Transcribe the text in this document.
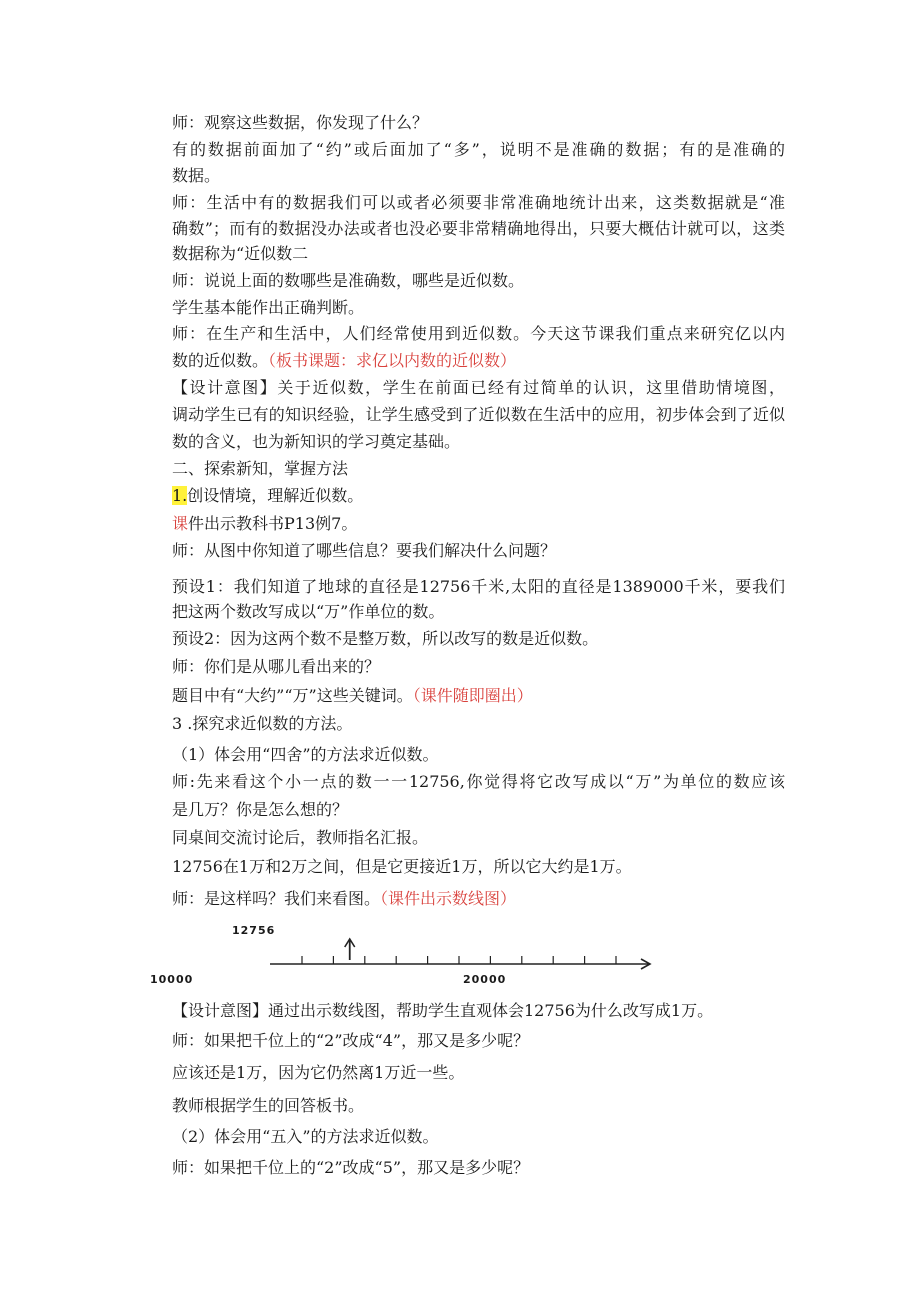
师：观察这些数据，你发现了什么？
有的数据前面加了“约”或后面加了“多”，说明不是准确的数据；有的是准确的
数据。
师：生活中有的数据我们可以或者必须要非常准确地统计出来，这类数据就是“准
确数”；而有的数据没办法或者也没必要非常精确地得出，只要大概估计就可以，这类
数据称为“近似数二
师：说说上面的数哪些是准确数，哪些是近似数。
学生基本能作出正确判断。
师：在生产和生活中，人们经常使用到近似数。今天这节课我们重点来研究亿以内
数的近似数。（板书课题：求亿以内数的近似数）
【设计意图】关于近似数，学生在前面已经有过简单的认识，这里借助情境图，
调动学生已有的知识经验，让学生感受到了近似数在生活中的应用，初步体会到了近似
数的含义，也为新知识的学习奠定基础。
二、探索新知，掌握方法
1.创设情境，理解近似数。
课件出示教科书P13例7。
师：从图中你知道了哪些信息？要我们解决什么问题？
预设1：我们知道了地球的直径是12756千米,太阳的直径是1389000千米，要我们
把这两个数改写成以“万”作单位的数。
预设2：因为这两个数不是整万数，所以改写的数是近似数。
师：你们是从哪儿看出来的？
题目中有“大约”“万”这些关键词。（课件随即圈出）
3 .探究求近似数的方法。
（1）体会用“四舍”的方法求近似数。
师:先来看这个小一点的数一一12756,你觉得将它改写成以“万”为单位的数应该
是几万？你是怎么想的？
同桌间交流讨论后，教师指名汇报。
12756在1万和2万之间，但是它更接近1万，所以它大约是1万。
师：是这样吗？我们来看图。（课件出示数线图）
12756
10000	20000
【设计意图】通过出示数线图，帮助学生直观体会12756为什么改写成1万。
师：如果把千位上的“2”改成“4”，那又是多少呢？
应该还是1万，因为它仍然离1万近一些。
教师根据学生的回答板书。
（2）体会用“五入”的方法求近似数。
师：如果把千位上的“2”改成“5”，那又是多少呢？
